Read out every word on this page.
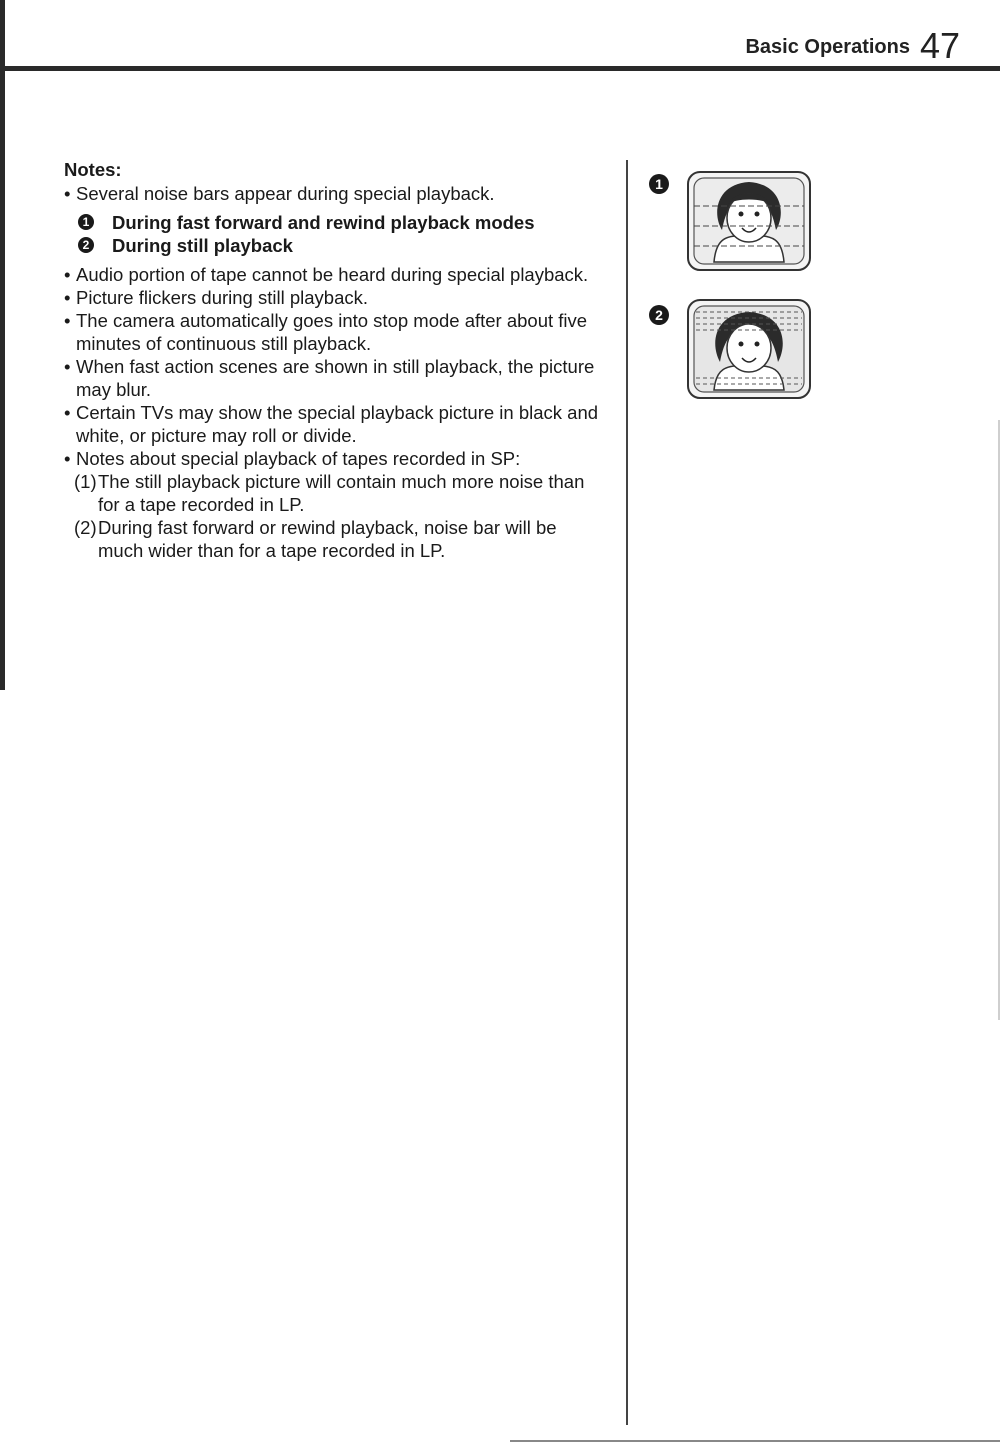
Basic Operations 47

Notes:

• Several noise bars appear during special playback.

1 During fast forward and rewind playback modes

2 During still playback

• Audio portion of tape cannot be heard during special playback.

• Picture flickers during still playback.

• The camera automatically goes into stop mode after about five minutes of continuous still playback.

• When fast action scenes are shown in still playback, the picture may blur.

• Certain TVs may show the special playback picture in black and white, or picture may roll or divide.

• Notes about special playback of tapes recorded in SP:

(1) The still playback picture will contain much more noise than for a tape recorded in LP.

(2) During fast forward or rewind playback, noise bar will be much wider than for a tape recorded in LP.

1
2
